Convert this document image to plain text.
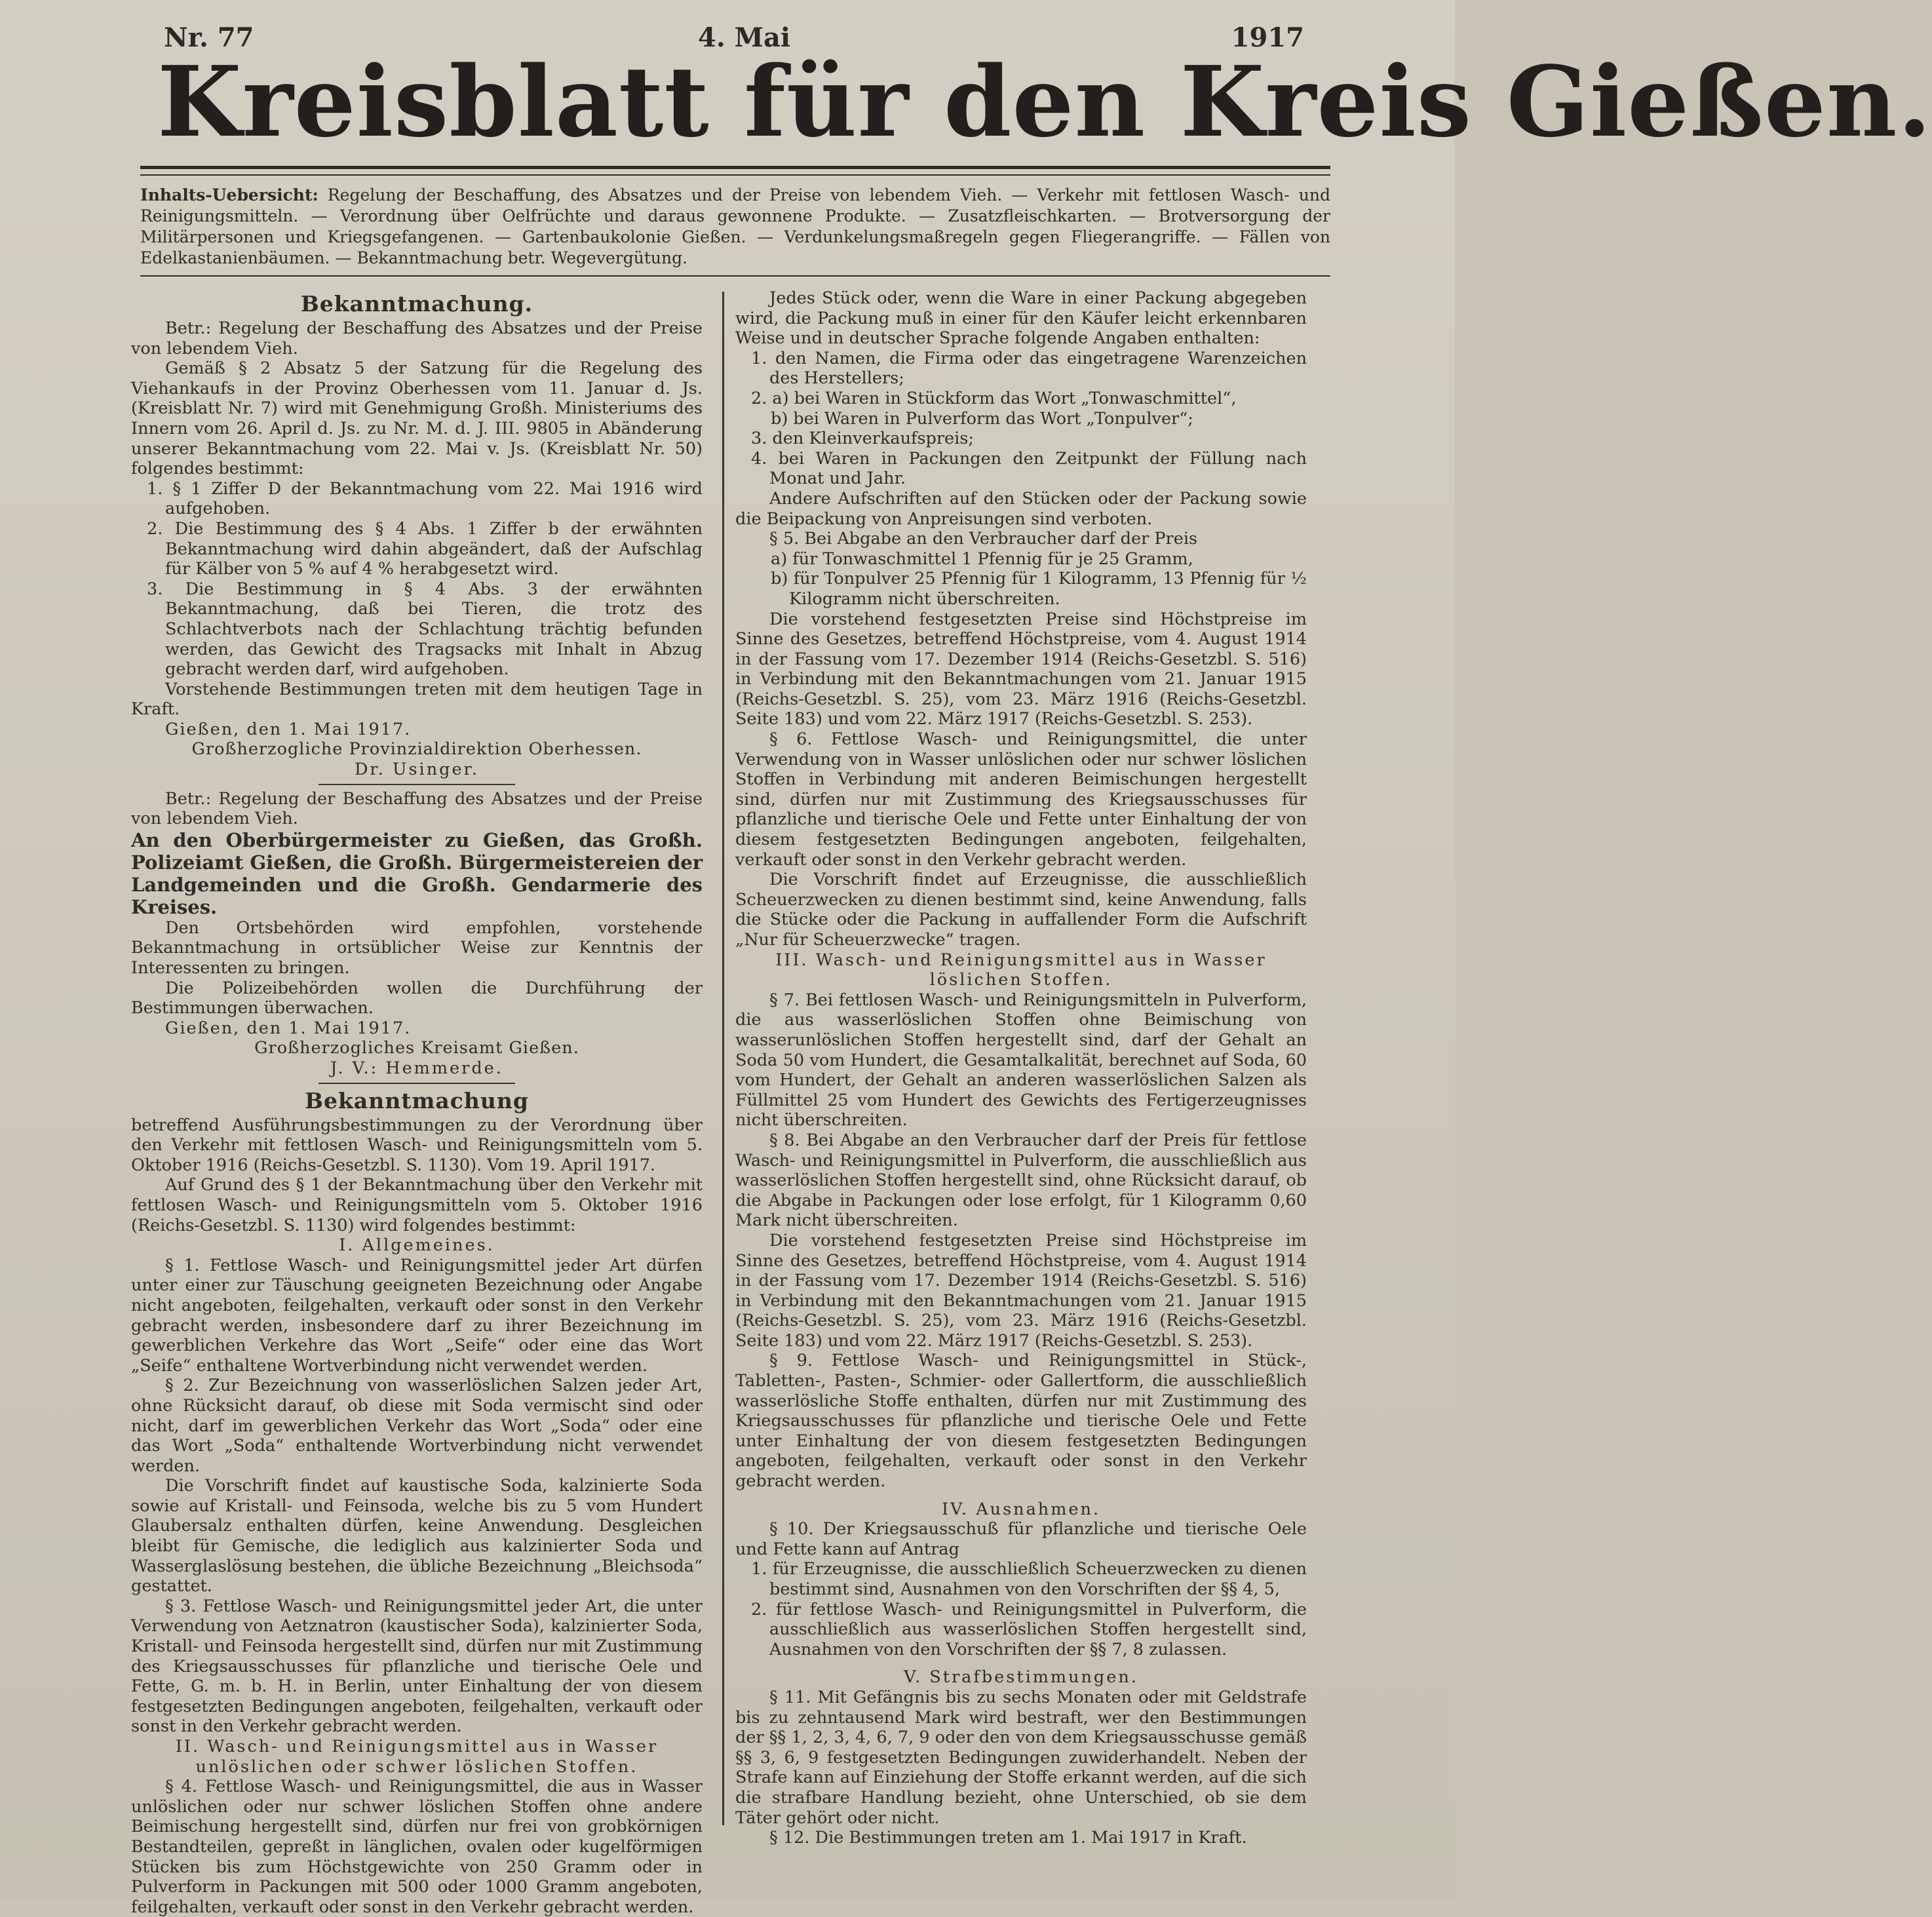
Nr. 77	4. Mai	1917
Kreisblatt für den Kreis Gießen.
Inhalts-Uebersicht: Regelung der Beschaffung, des Absatzes und der Preise von lebendem Vieh. — Verkehr mit fettlosen Wasch- und Reinigungsmitteln. — Verordnung über Oelfrüchte und daraus gewonnene Produkte. — Zusatzfleischkarten. — Brotversorgung der Militärpersonen und Kriegsgefangenen. — Gartenbaukolonie Gießen. — Verdunkelungsmaßregeln gegen Fliegerangriffe. — Fällen von Edelkastanienbäumen. — Bekanntmachung betr. Wegevergütung.

Bekanntmachung.

Betr.: Regelung der Beschaffung des Absatzes und der Preise von lebendem Vieh.

Gemäß § 2 Absatz 5 der Satzung für die Regelung des Viehankaufs in der Provinz Oberhessen vom 11. Januar d. Js. (Kreisblatt Nr. 7) wird mit Genehmigung Großh. Ministeriums des Innern vom 26. April d. Js. zu Nr. M. d. J. III. 9805 in Abänderung unserer Bekanntmachung vom 22. Mai v. Js. (Kreisblatt Nr. 50) folgendes bestimmt:

1. § 1 Ziffer D der Bekanntmachung vom 22. Mai 1916 wird aufgehoben.

2. Die Bestimmung des § 4 Abs. 1 Ziffer b der erwähnten Bekanntmachung wird dahin abgeändert, daß der Aufschlag für Kälber von 5 % auf 4 % herabgesetzt wird.

3. Die Bestimmung in § 4 Abs. 3 der erwähnten Bekanntmachung, daß bei Tieren, die trotz des Schlachtverbots nach der Schlachtung trächtig befunden werden, das Gewicht des Tragsacks mit Inhalt in Abzug gebracht werden darf, wird aufgehoben.

Vorstehende Bestimmungen treten mit dem heutigen Tage in Kraft.

Gießen, den 1. Mai 1917.

Großherzogliche Provinzialdirektion Oberhessen.

Dr. Usinger.

Betr.: Regelung der Beschaffung des Absatzes und der Preise von lebendem Vieh.

An den Oberbürgermeister zu Gießen, das Großh. Polizeiamt Gießen, die Großh. Bürgermeistereien der Landgemeinden und die Großh. Gendarmerie des Kreises.

Den Ortsbehörden wird empfohlen, vorstehende Bekanntmachung in ortsüblicher Weise zur Kenntnis der Interessenten zu bringen.

Die Polizeibehörden wollen die Durchführung der Bestimmungen überwachen.

Gießen, den 1. Mai 1917.

Großherzogliches Kreisamt Gießen.

J. V.: Hemmerde.

Bekanntmachung

betreffend Ausführungsbestimmungen zu der Verordnung über den Verkehr mit fettlosen Wasch- und Reinigungsmitteln vom 5. Oktober 1916 (Reichs-Gesetzbl. S. 1130). Vom 19. April 1917.

Auf Grund des § 1 der Bekanntmachung über den Verkehr mit fettlosen Wasch- und Reinigungsmitteln vom 5. Oktober 1916 (Reichs-Gesetzbl. S. 1130) wird folgendes bestimmt:

I. Allgemeines.

§ 1. Fettlose Wasch- und Reinigungsmittel jeder Art dürfen unter einer zur Täuschung geeigneten Bezeichnung oder Angabe nicht angeboten, feilgehalten, verkauft oder sonst in den Verkehr gebracht werden, insbesondere darf zu ihrer Bezeichnung im gewerblichen Verkehre das Wort „Seife“ oder eine das Wort „Seife“ enthaltene Wortverbindung nicht verwendet werden.

§ 2. Zur Bezeichnung von wasserlöslichen Salzen jeder Art, ohne Rücksicht darauf, ob diese mit Soda vermischt sind oder nicht, darf im gewerblichen Verkehr das Wort „Soda“ oder eine das Wort „Soda“ enthaltende Wortverbindung nicht verwendet werden.

Die Vorschrift findet auf kaustische Soda, kalzinierte Soda sowie auf Kristall- und Feinsoda, welche bis zu 5 vom Hundert Glaubersalz enthalten dürfen, keine Anwendung. Desgleichen bleibt für Gemische, die lediglich aus kalzinierter Soda und Wasserglaslösung bestehen, die übliche Bezeichnung „Bleichsoda“ gestattet.

§ 3. Fettlose Wasch- und Reinigungsmittel jeder Art, die unter Verwendung von Aetznatron (kaustischer Soda), kalzinierter Soda, Kristall- und Feinsoda hergestellt sind, dürfen nur mit Zustimmung des Kriegsausschusses für pflanzliche und tierische Oele und Fette, G. m. b. H. in Berlin, unter Einhaltung der von diesem festgesetzten Bedingungen angeboten, feilgehalten, verkauft oder sonst in den Verkehr gebracht werden.

II. Wasch- und Reinigungsmittel aus in Wasser unlöslichen oder schwer löslichen Stoffen.

§ 4. Fettlose Wasch- und Reinigungsmittel, die aus in Wasser unlöslichen oder nur schwer löslichen Stoffen ohne andere Beimischung hergestellt sind, dürfen nur frei von grobkörnigen Bestandteilen, gepreßt in länglichen, ovalen oder kugelförmigen Stücken bis zum Höchstgewichte von 250 Gramm oder in Pulverform in Packungen mit 500 oder 1000 Gramm angeboten, feilgehalten, verkauft oder sonst in den Verkehr gebracht werden.

Jedes Stück oder, wenn die Ware in einer Packung abgegeben wird, die Packung muß in einer für den Käufer leicht erkennbaren Weise und in deutscher Sprache folgende Angaben enthalten:

1. den Namen, die Firma oder das eingetragene Warenzeichen des Herstellers;

2. a) bei Waren in Stückform das Wort „Tonwaschmittel“,

b) bei Waren in Pulverform das Wort „Tonpulver“;

3. den Kleinverkaufspreis;

4. bei Waren in Packungen den Zeitpunkt der Füllung nach Monat und Jahr.

Andere Aufschriften auf den Stücken oder der Packung sowie die Beipackung von Anpreisungen sind verboten.

§ 5. Bei Abgabe an den Verbraucher darf der Preis

a) für Tonwaschmittel 1 Pfennig für je 25 Gramm,

b) für Tonpulver 25 Pfennig für 1 Kilogramm, 13 Pfennig für ½ Kilogramm nicht überschreiten.

Die vorstehend festgesetzten Preise sind Höchstpreise im Sinne des Gesetzes, betreffend Höchstpreise, vom 4. August 1914 in der Fassung vom 17. Dezember 1914 (Reichs-Gesetzbl. S. 516) in Verbindung mit den Bekanntmachungen vom 21. Januar 1915 (Reichs-Gesetzbl. S. 25), vom 23. März 1916 (Reichs-Gesetzbl. Seite 183) und vom 22. März 1917 (Reichs-Gesetzbl. S. 253).

§ 6. Fettlose Wasch- und Reinigungsmittel, die unter Verwendung von in Wasser unlöslichen oder nur schwer löslichen Stoffen in Verbindung mit anderen Beimischungen hergestellt sind, dürfen nur mit Zustimmung des Kriegsausschusses für pflanzliche und tierische Oele und Fette unter Einhaltung der von diesem festgesetzten Bedingungen angeboten, feilgehalten, verkauft oder sonst in den Verkehr gebracht werden.

Die Vorschrift findet auf Erzeugnisse, die ausschließlich Scheuerzwecken zu dienen bestimmt sind, keine Anwendung, falls die Stücke oder die Packung in auffallender Form die Aufschrift „Nur für Scheuerzwecke“ tragen.

III. Wasch- und Reinigungsmittel aus in Wasser löslichen Stoffen.

§ 7. Bei fettlosen Wasch- und Reinigungsmitteln in Pulverform, die aus wasserlöslichen Stoffen ohne Beimischung von wasserunlöslichen Stoffen hergestellt sind, darf der Gehalt an Soda 50 vom Hundert, die Gesamtalkalität, berechnet auf Soda, 60 vom Hundert, der Gehalt an anderen wasserlöslichen Salzen als Füllmittel 25 vom Hundert des Gewichts des Fertigerzeugnisses nicht überschreiten.

§ 8. Bei Abgabe an den Verbraucher darf der Preis für fettlose Wasch- und Reinigungsmittel in Pulverform, die ausschließlich aus wasserlöslichen Stoffen hergestellt sind, ohne Rücksicht darauf, ob die Abgabe in Packungen oder lose erfolgt, für 1 Kilogramm 0,60 Mark nicht überschreiten.

Die vorstehend festgesetzten Preise sind Höchstpreise im Sinne des Gesetzes, betreffend Höchstpreise, vom 4. August 1914 in der Fassung vom 17. Dezember 1914 (Reichs-Gesetzbl. S. 516) in Verbindung mit den Bekanntmachungen vom 21. Januar 1915 (Reichs-Gesetzbl. S. 25), vom 23. März 1916 (Reichs-Gesetzbl. Seite 183) und vom 22. März 1917 (Reichs-Gesetzbl. S. 253).

§ 9. Fettlose Wasch- und Reinigungsmittel in Stück-, Tabletten-, Pasten-, Schmier- oder Gallertform, die ausschließlich wasserlösliche Stoffe enthalten, dürfen nur mit Zustimmung des Kriegsausschusses für pflanzliche und tierische Oele und Fette unter Einhaltung der von diesem festgesetzten Bedingungen angeboten, feilgehalten, verkauft oder sonst in den Verkehr gebracht werden.

IV. Ausnahmen.

§ 10. Der Kriegsausschuß für pflanzliche und tierische Oele und Fette kann auf Antrag

1. für Erzeugnisse, die ausschließlich Scheuerzwecken zu dienen bestimmt sind, Ausnahmen von den Vorschriften der §§ 4, 5,

2. für fettlose Wasch- und Reinigungsmittel in Pulverform, die ausschließlich aus wasserlöslichen Stoffen hergestellt sind, Ausnahmen von den Vorschriften der §§ 7, 8 zulassen.

V. Strafbestimmungen.

§ 11. Mit Gefängnis bis zu sechs Monaten oder mit Geldstrafe bis zu zehntausend Mark wird bestraft, wer den Bestimmungen der §§ 1, 2, 3, 4, 6, 7, 9 oder den von dem Kriegsausschusse gemäß §§ 3, 6, 9 festgesetzten Bedingungen zuwiderhandelt. Neben der Strafe kann auf Einziehung der Stoffe erkannt werden, auf die sich die strafbare Handlung bezieht, ohne Unterschied, ob sie dem Täter gehört oder nicht.

§ 12. Die Bestimmungen treten am 1. Mai 1917 in Kraft.
